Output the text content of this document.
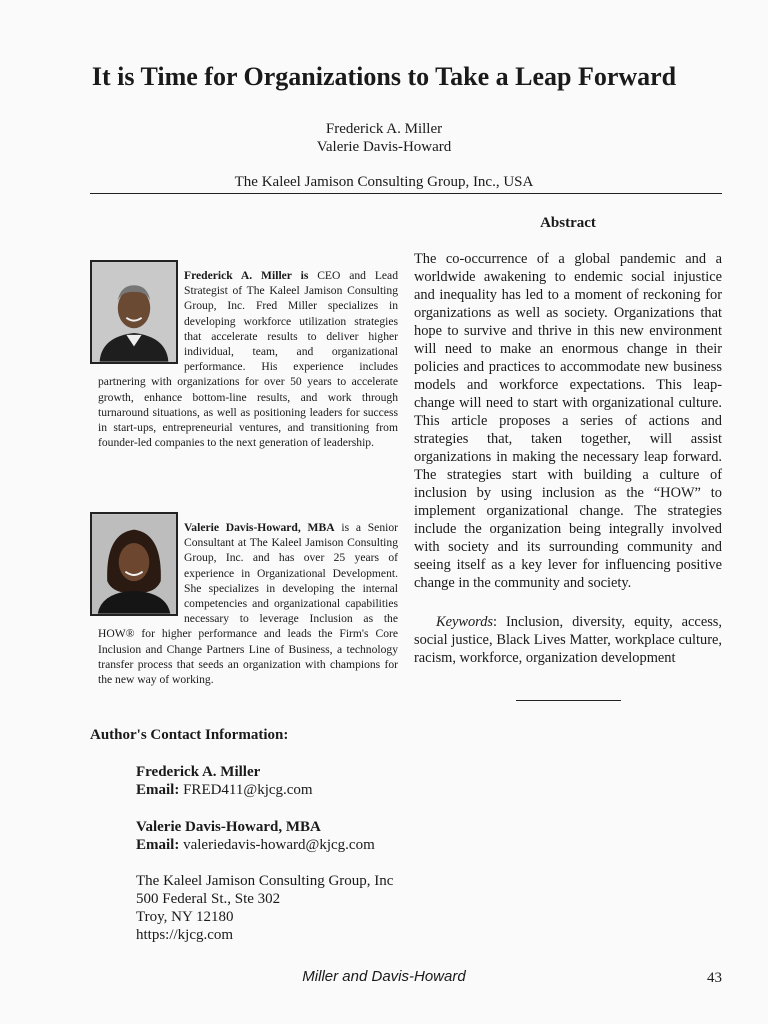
It is Time for Organizations to Take a Leap Forward
Frederick A. Miller
Valerie Davis-Howard
The Kaleel Jamison Consulting Group, Inc., USA
Frederick A. Miller is CEO and Lead Strategist of The Kaleel Jamison Consulting Group, Inc. Fred Miller specializes in developing workforce utilization strategies that accelerate results to deliver higher individual, team, and organizational performance. His experience includes partnering with organizations for over 50 years to accelerate growth, enhance bottom-line results, and work through turnaround situations, as well as positioning leaders for success in start-ups, entrepreneurial ventures, and transitioning from founder-led companies to the next generation of leadership.
Valerie Davis-Howard, MBA is a Senior Consultant at The Kaleel Jamison Consulting Group, Inc. and has over 25 years of experience in Organizational Development. She specializes in developing the internal competencies and organizational capabilities necessary to leverage Inclusion as the HOW® for higher performance and leads the Firm's Core Inclusion and Change Partners Line of Business, a technology transfer process that seeds an organization with champions for the new way of working.
Abstract
The co-occurrence of a global pandemic and a worldwide awakening to endemic social injustice and inequality has led to a moment of reckoning for organizations as well as society. Organizations that hope to survive and thrive in this new environment will need to make an enormous change in their policies and practices to accommodate new business models and workforce expectations. This leap-change will need to start with organizational culture. This article proposes a series of actions and strategies that, taken together, will assist organizations in making the necessary leap forward. The strategies start with building a culture of inclusion by using inclusion as the “HOW” to implement organizational change. The strategies include the organization being integrally involved with society and its surrounding community and seeing itself as a key lever for influencing positive change in the community and society.
Keywords: Inclusion, diversity, equity, access, social justice, Black Lives Matter, workplace culture, racism, workforce, organization development
Author's Contact Information:
Frederick A. Miller
Email: FRED411@kjcg.com
Valerie Davis-Howard, MBA
Email: valeriedavis-howard@kjcg.com
The Kaleel Jamison Consulting Group, Inc
500 Federal St., Ste 302
Troy, NY 12180
https://kjcg.com
Miller and Davis-Howard	43
